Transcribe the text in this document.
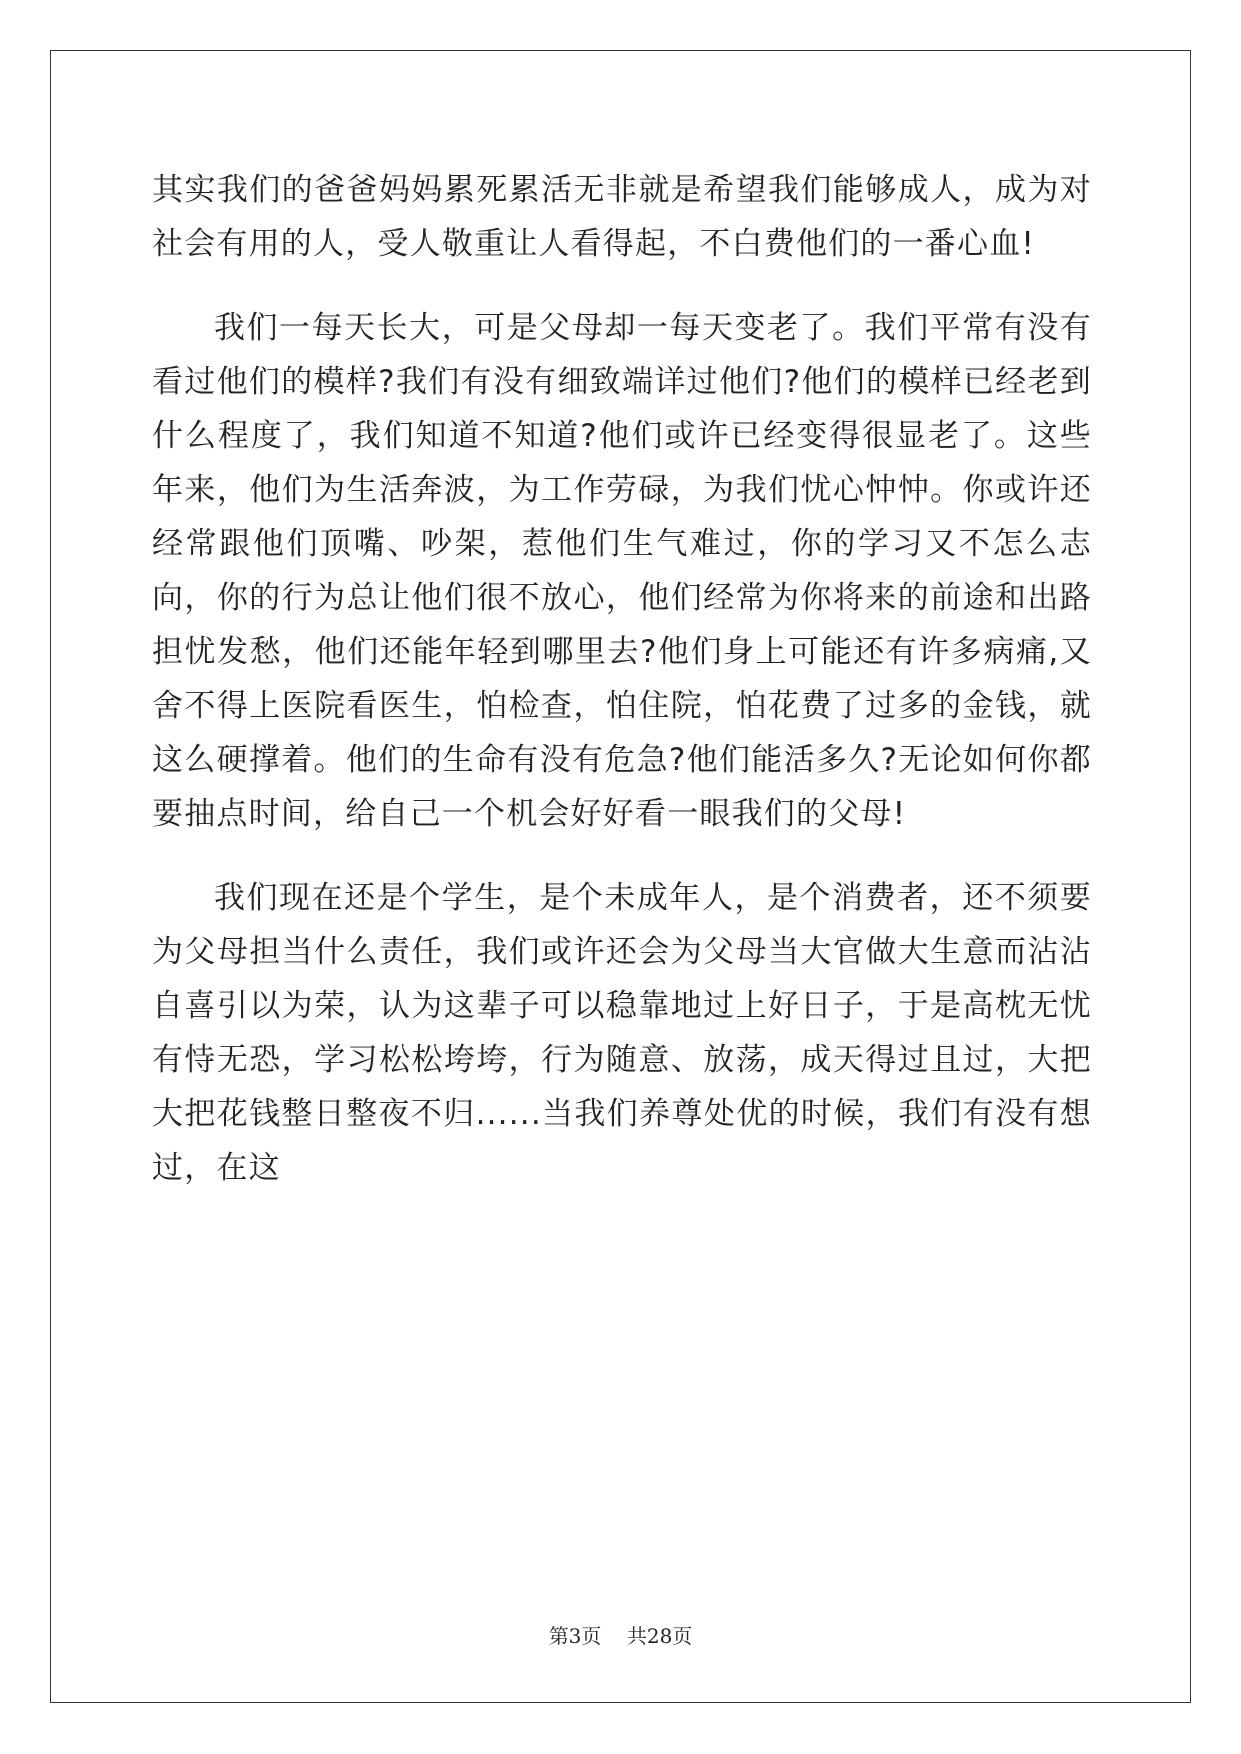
其实我们的爸爸妈妈累死累活无非就是希望我们能够成人，成为对社会有用的人，受人敬重让人看得起，不白费他们的一番心血!

我们一每天长大，可是父母却一每天变老了。我们平常有没有看过他们的模样?我们有没有细致端详过他们?他们的模样已经老到什么程度了，我们知道不知道?他们或许已经变得很显老了。这些年来，他们为生活奔波，为工作劳碌，为我们忧心忡忡。你或许还经常跟他们顶嘴、吵架，惹他们生气难过，你的学习又不怎么志向，你的行为总让他们很不放心，他们经常为你将来的前途和出路担忧发愁，他们还能年轻到哪里去?他们身上可能还有许多病痛,又舍不得上医院看医生，怕检查，怕住院，怕花费了过多的金钱，就这么硬撑着。他们的生命有没有危急?他们能活多久?无论如何你都要抽点时间，给自己一个机会好好看一眼我们的父母!

我们现在还是个学生，是个未成年人，是个消费者，还不须要为父母担当什么责任，我们或许还会为父母当大官做大生意而沾沾自喜引以为荣，认为这辈子可以稳靠地过上好日子，于是高枕无忧有恃无恐，学习松松垮垮，行为随意、放荡，成天得过且过，大把大把花钱整日整夜不归......当我们养尊处优的时候，我们有没有想过，在这

第3页 共28页
